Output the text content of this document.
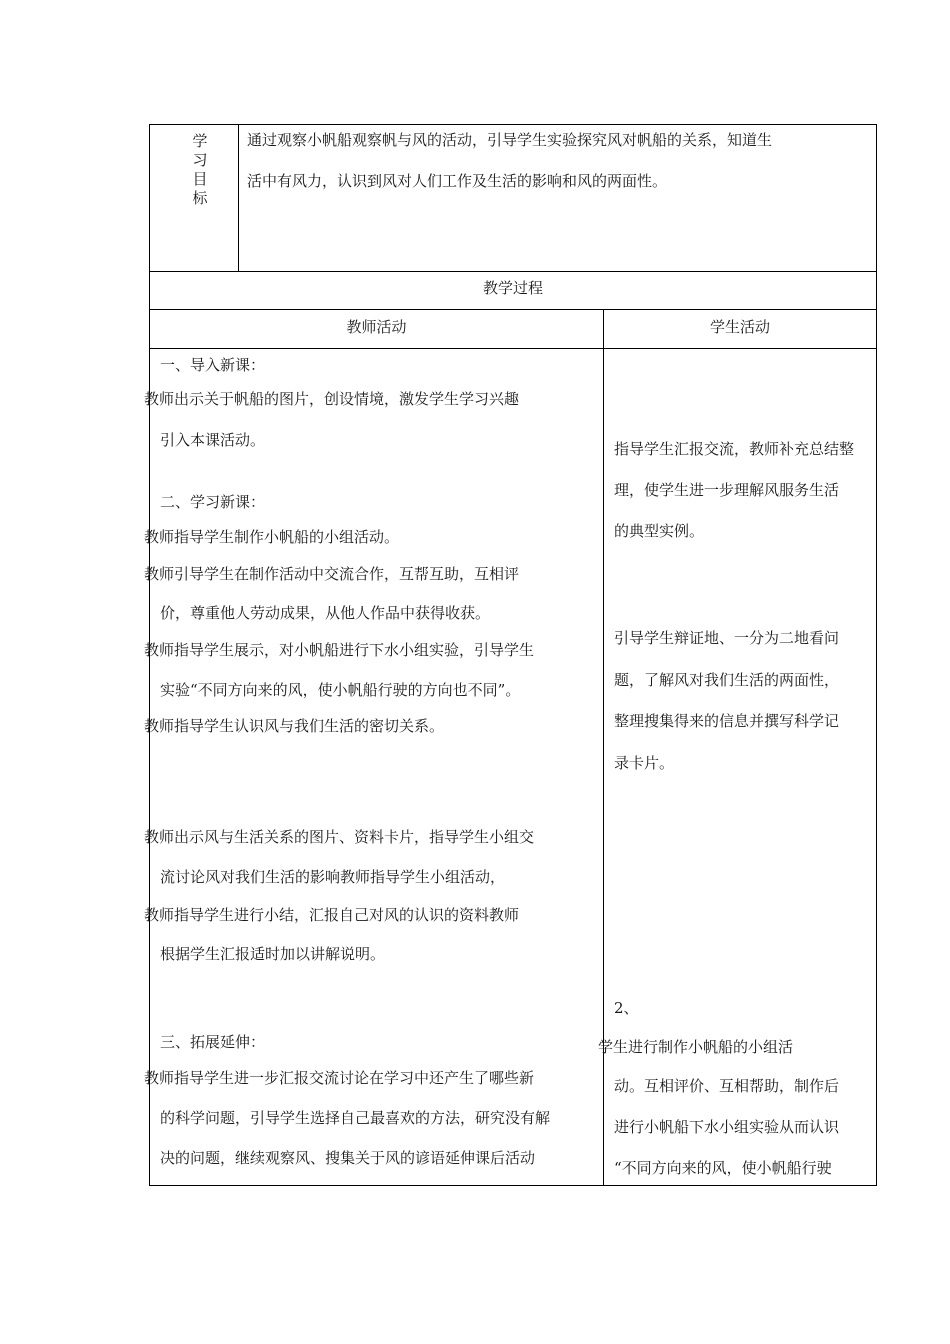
学
习
目
标
通过观察小帆船观察帆与风的活动，引导学生实验探究风对帆船的关系，知道生
活中有风力，认识到风对人们工作及生活的影响和风的两面性。
教学过程
教师活动	学生活动
一、导入新课：
教师出示关于帆船的图片，创设情境，激发学生学习兴趣
引入本课活动。
二、学习新课：
教师指导学生制作小帆船的小组活动。
教师引导学生在制作活动中交流合作，互帮互助，互相评
价，尊重他人劳动成果，从他人作品中获得收获。
教师指导学生展示，对小帆船进行下水小组实验，引导学生
实验“不同方向来的风，使小帆船行驶的方向也不同”。
教师指导学生认识风与我们生活的密切关系。
教师出示风与生活关系的图片、资料卡片，指导学生小组交
流讨论风对我们生活的影响教师指导学生小组活动，
教师指导学生进行小结，汇报自己对风的认识的资料教师
根据学生汇报适时加以讲解说明。
三、拓展延伸：
教师指导学生进一步汇报交流讨论在学习中还产生了哪些新
的科学问题，引导学生选择自己最喜欢的方法，研究没有解
决的问题，继续观察风、搜集关于风的谚语延伸课后活动
指导学生汇报交流，教师补充总结整
理，使学生进一步理解风服务生活
的典型实例。
引导学生辩证地、一分为二地看问
题，了解风对我们生活的两面性，
整理搜集得来的信息并撰写科学记
录卡片。
2、
学生进行制作小帆船的小组活
动。互相评价、互相帮助，制作后
进行小帆船下水小组实验从而认识
“不同方向来的风，使小帆船行驶
